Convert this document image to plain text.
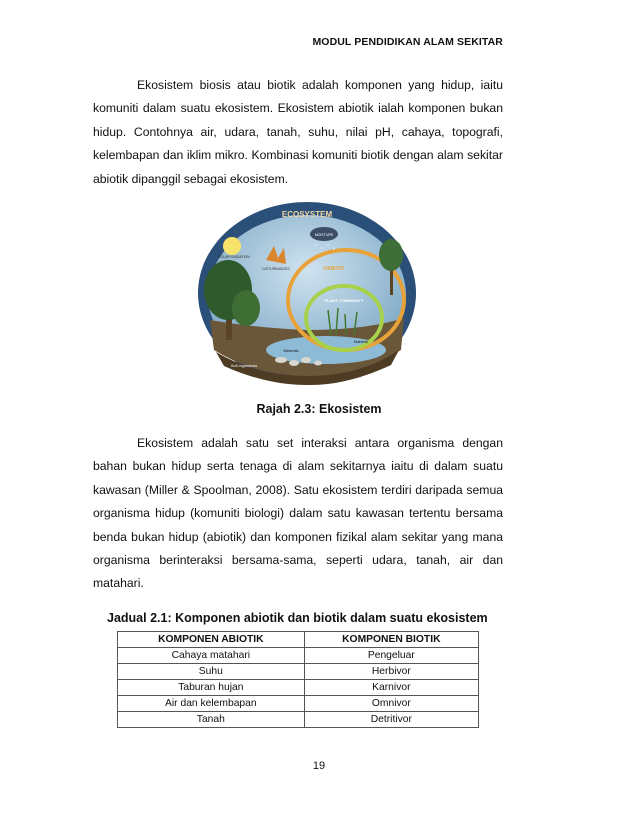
MODUL PENDIDIKAN ALAM SEKITAR

Ekosistem biosis atau biotik adalah komponen yang hidup, iaitu komuniti dalam suatu ekosistem. Ekosistem abiotik ialah komponen bukan hidup. Contohnya air, udara, tanah, suhu, nilai pH, cahaya, topografi, kelembapan dan iklim mikro. Kombinasi komuniti biotik dengan alam sekitar abiotik dipanggil sebagai ekosistem.

ECOSYSTEM
MOISTURE
SOLAR RADIATION
DISTURBANCES	HABITAT
PLANT COMMUNITY
Minerals
Nutrients
Soil organisms
Rajah 2.3: Ekosistem

Ekosistem adalah satu set interaksi antara organisma dengan bahan bukan hidup serta tenaga di alam sekitarnya iaitu di dalam suatu kawasan (Miller & Spoolman, 2008). Satu ekosistem terdiri daripada semua organisma hidup (komuniti biologi) dalam satu kawasan tertentu bersama benda bukan hidup (abiotik) dan komponen fizikal alam sekitar yang mana organisma berinteraksi bersama-sama, seperti udara, tanah, air dan matahari.

Jadual 2.1: Komponen abiotik dan biotik dalam suatu ekosistem
KOMPONEN ABIOTIK	KOMPONEN BIOTIK
Cahaya matahari	Pengeluar
Suhu	Herbivor
Taburan hujan	Karnivor
Air dan kelembapan	Omnivor
Tanah	Detritivor
19
